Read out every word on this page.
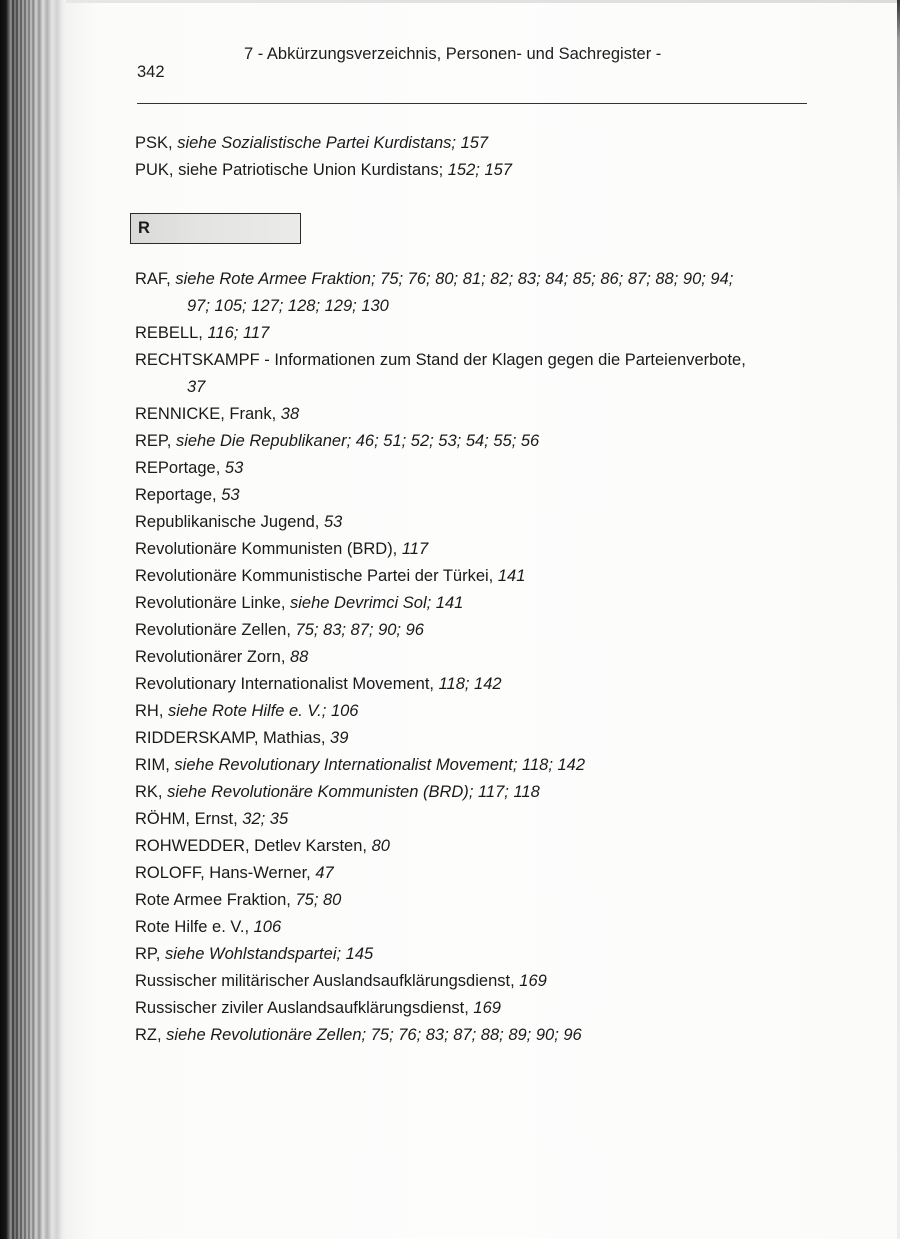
342
7 - Abkürzungsverzeichnis, Personen- und Sachregister -
PSK, siehe Sozialistische Partei Kurdistans; 157
PUK, siehe Patriotische Union Kurdistans; 152; 157
R
RAF, siehe Rote Armee Fraktion; 75; 76; 80; 81; 82; 83; 84; 85; 86; 87; 88; 90; 94;
97; 105; 127; 128; 129; 130
REBELL, 116; 117
RECHTSKAMPF - Informationen zum Stand der Klagen gegen die Parteienverbote,
37
RENNICKE, Frank, 38
REP, siehe Die Republikaner; 46; 51; 52; 53; 54; 55; 56
REPortage, 53
Reportage, 53
Republikanische Jugend, 53
Revolutionäre Kommunisten (BRD), 117
Revolutionäre Kommunistische Partei der Türkei, 141
Revolutionäre Linke, siehe Devrimci Sol; 141
Revolutionäre Zellen, 75; 83; 87; 90; 96
Revolutionärer Zorn, 88
Revolutionary Internationalist Movement, 118; 142
RH, siehe Rote Hilfe e. V.; 106
RIDDERSKAMP, Mathias, 39
RIM, siehe Revolutionary Internationalist Movement; 118; 142
RK, siehe Revolutionäre Kommunisten (BRD); 117; 118
RÖHM, Ernst, 32; 35
ROHWEDDER, Detlev Karsten, 80
ROLOFF, Hans-Werner, 47
Rote Armee Fraktion, 75; 80
Rote Hilfe e. V., 106
RP, siehe Wohlstandspartei; 145
Russischer militärischer Auslandsaufklärungsdienst, 169
Russischer ziviler Auslandsaufklärungsdienst, 169
RZ, siehe Revolutionäre Zellen; 75; 76; 83; 87; 88; 89; 90; 96
